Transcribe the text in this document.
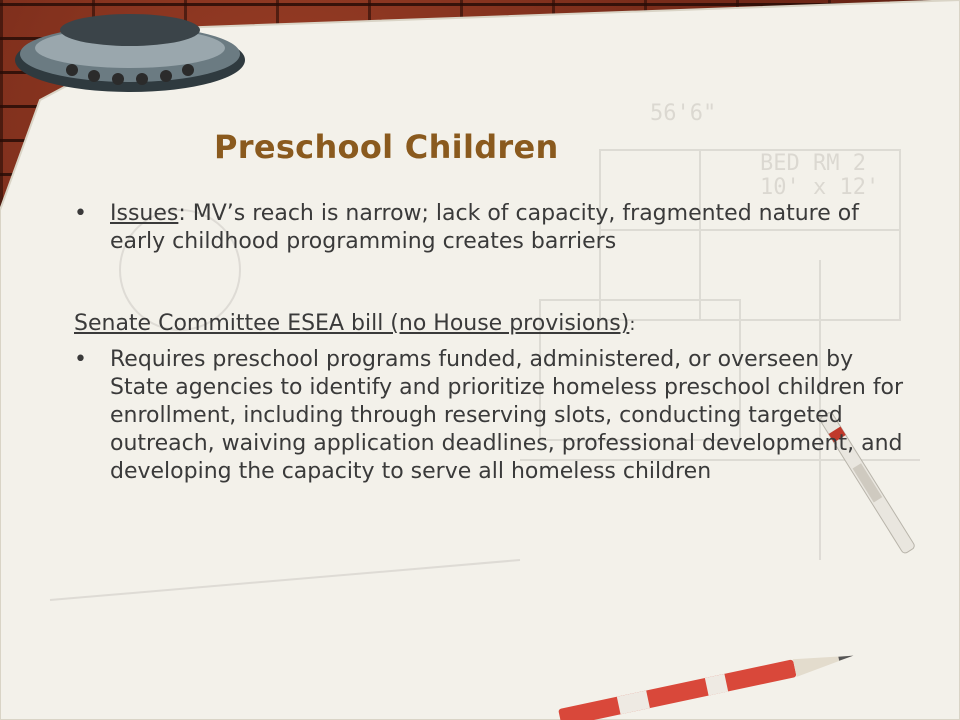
BED RM 2
10' x 12'
56'6"
Preschool Children
•	Issues: MV’s reach is narrow; lack of capacity, fragmented nature of early childhood programming creates barriers
Senate Committee ESEA bill (no House provisions):
•	Requires preschool programs funded, administered, or overseen by State agencies to identify and prioritize homeless preschool children for enrollment, including through reserving slots, conducting targeted outreach, waiving application deadlines, professional development, and developing the capacity to serve all homeless children
